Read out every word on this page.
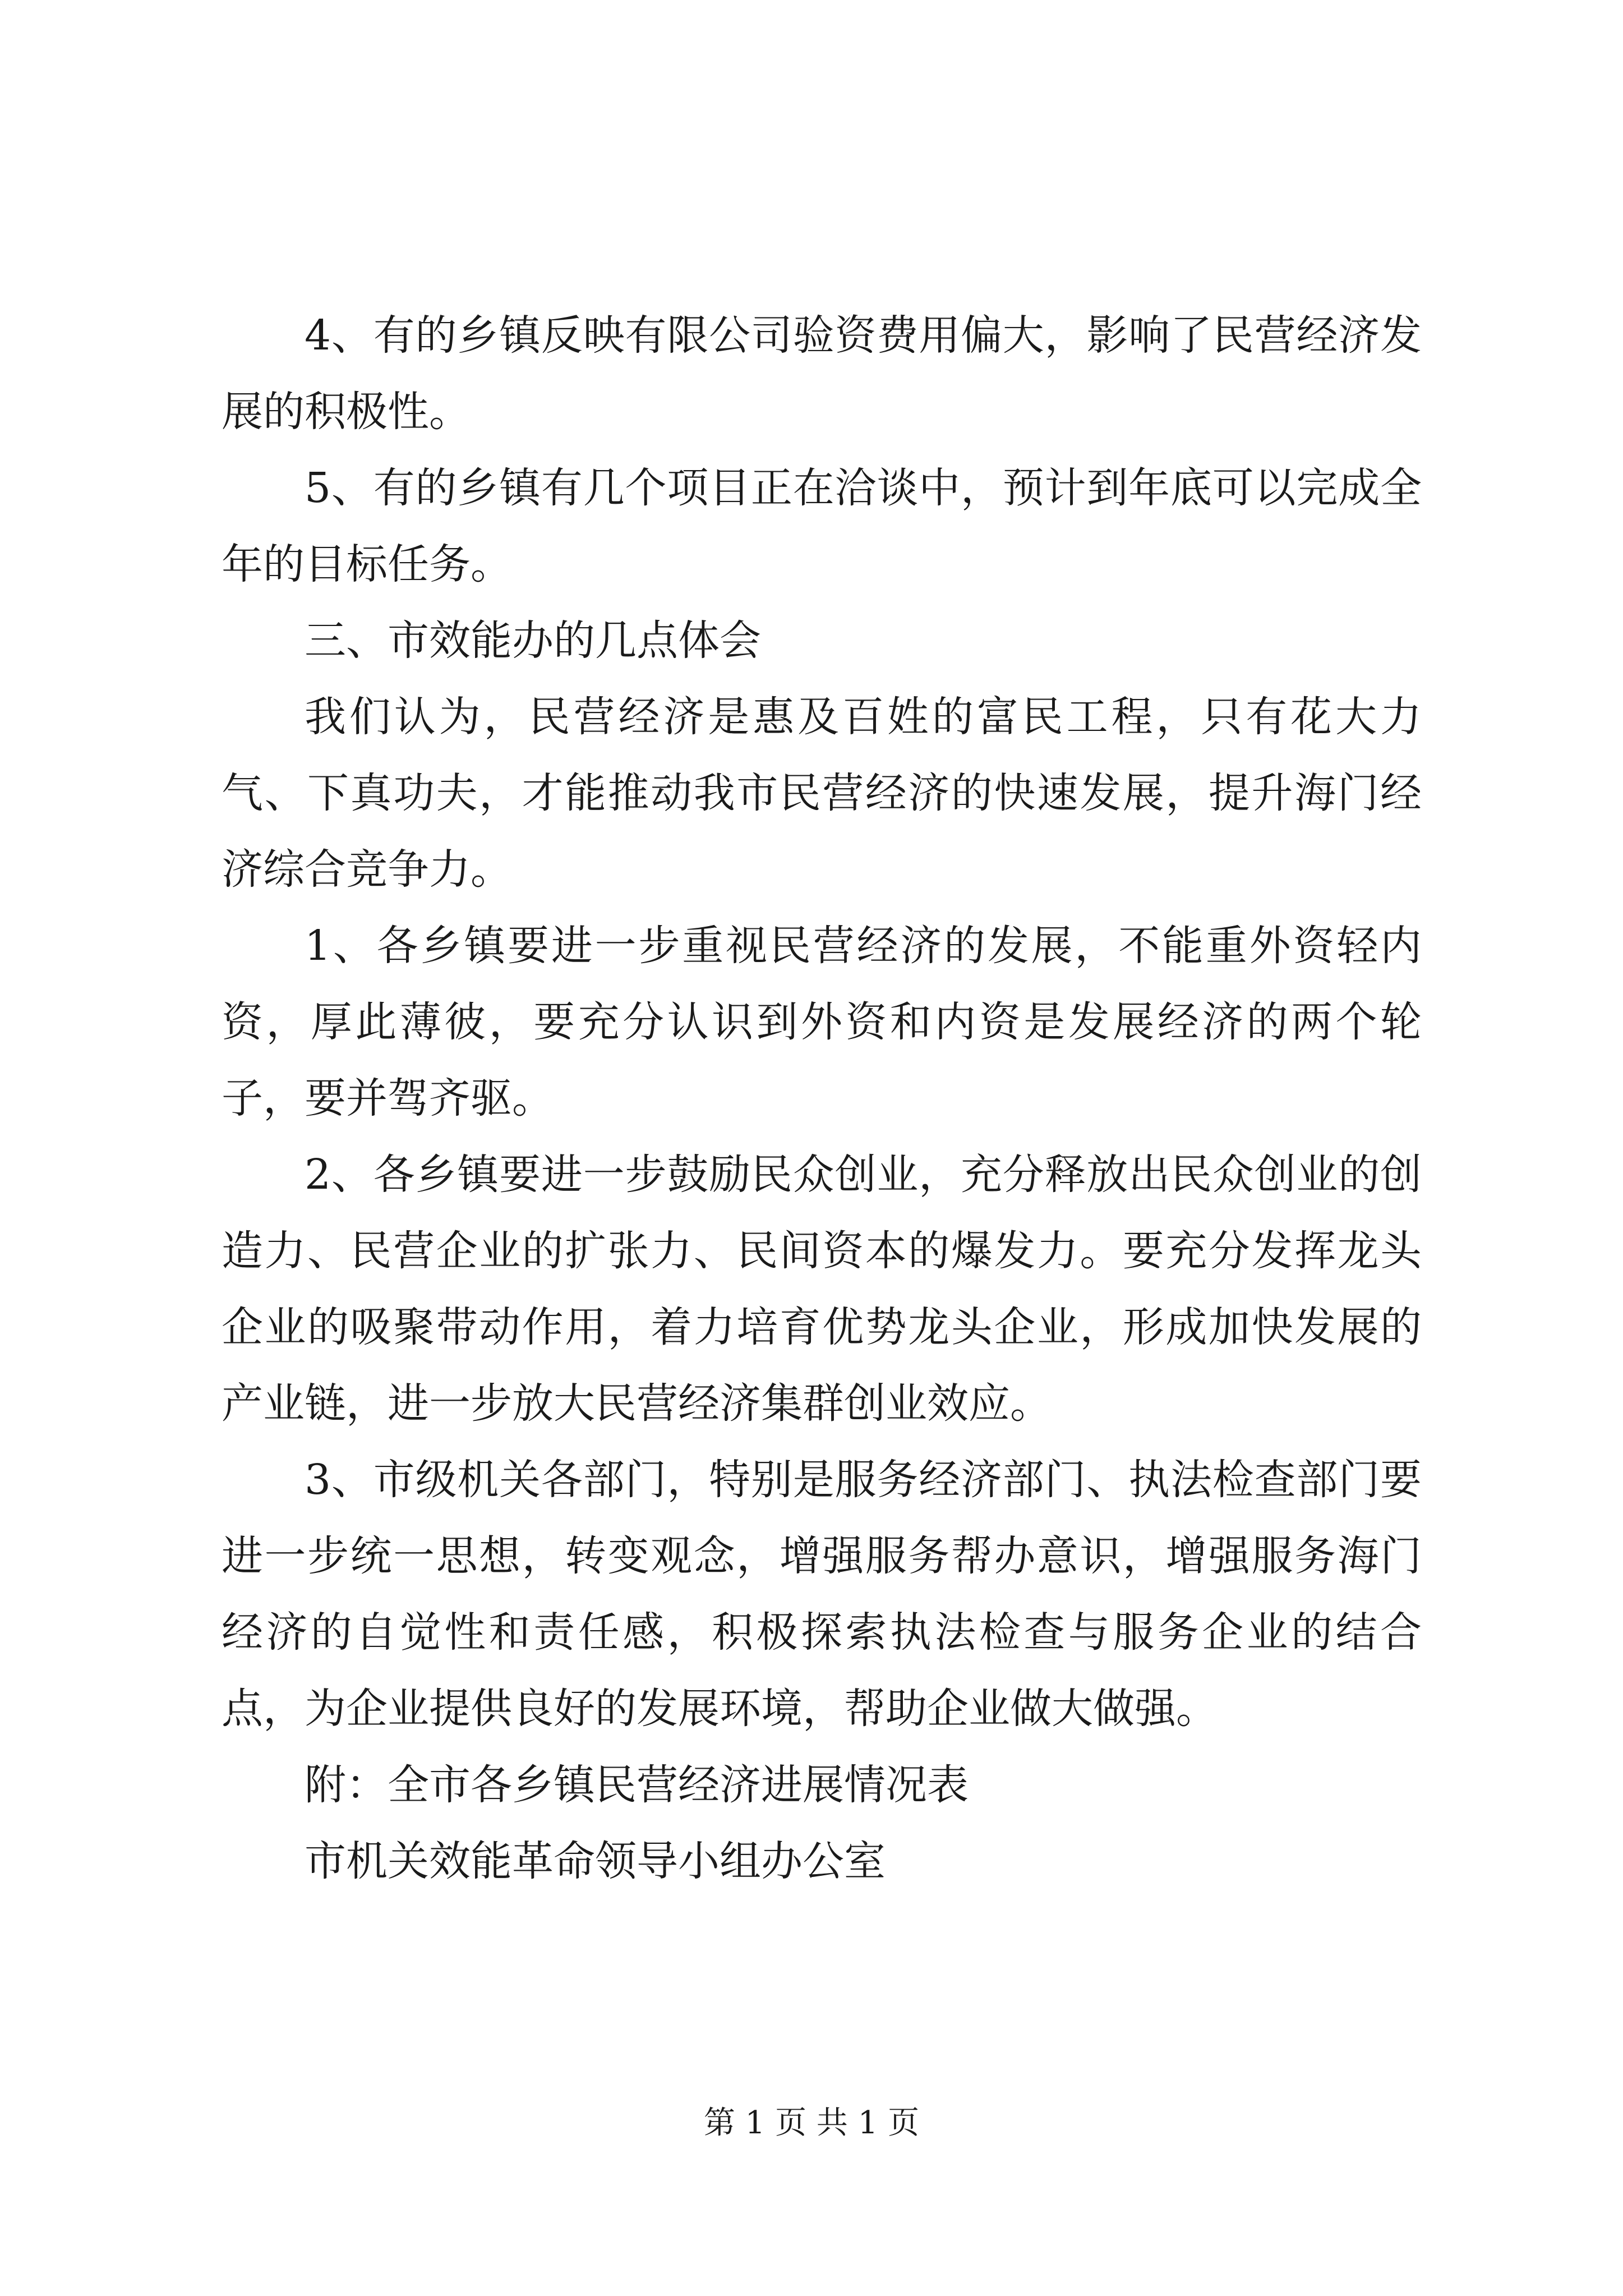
4、有的乡镇反映有限公司验资费用偏大，影响了民营经济发展的积极性。

5、有的乡镇有几个项目正在洽谈中，预计到年底可以完成全年的目标任务。

三、市效能办的几点体会

我们认为，民营经济是惠及百姓的富民工程，只有花大力气、下真功夫，才能推动我市民营经济的快速发展，提升海门经济综合竞争力。

1、各乡镇要进一步重视民营经济的发展，不能重外资轻内资，厚此薄彼，要充分认识到外资和内资是发展经济的两个轮子，要并驾齐驱。

2、各乡镇要进一步鼓励民众创业，充分释放出民众创业的创造力、民营企业的扩张力、民间资本的爆发力。要充分发挥龙头企业的吸聚带动作用，着力培育优势龙头企业，形成加快发展的产业链，进一步放大民营经济集群创业效应。

3、市级机关各部门，特别是服务经济部门、执法检查部门要进一步统一思想，转变观念，增强服务帮办意识，增强服务海门经济的自觉性和责任感，积极探索执法检查与服务企业的结合点，为企业提供良好的发展环境，帮助企业做大做强。

附：全市各乡镇民营经济进展情况表

市机关效能革命领导小组办公室

第 1 页 共 1 页
